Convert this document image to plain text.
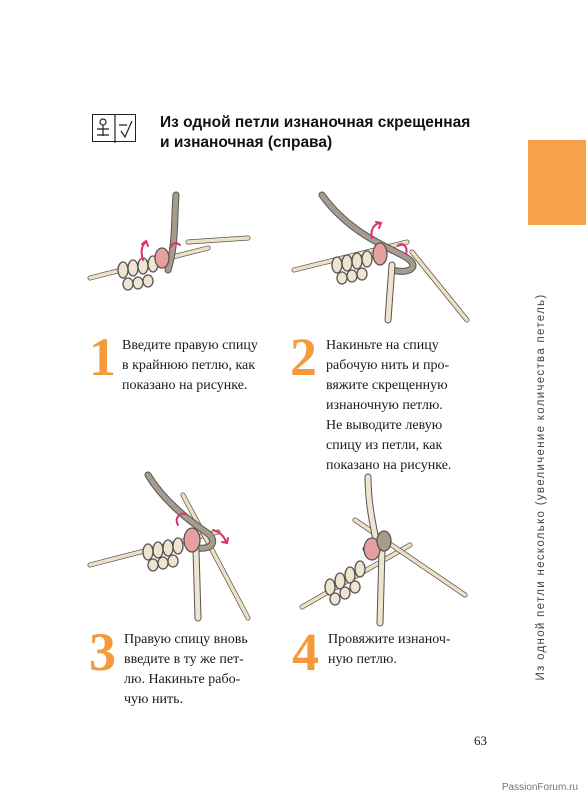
Из одной петли изнаночная скрещенная
и изнаночная (справа)
Из одной петли несколько (увеличение количества петель)
1 Введите правую спицу
в крайнюю петлю, как
показано на рисунке. 2 Накиньте на спицу
рабочую нить и про-
вяжите скрещенную
изнаночную петлю.
Не выводите левую
спицу из петли, как
показано на рисунке.
3 Правую спицу вновь
введите в ту же пет-
лю. Накиньте рабо-
чую нить.
4 Провяжите изнаноч-
ную петлю.
63
PassionForum.ru
